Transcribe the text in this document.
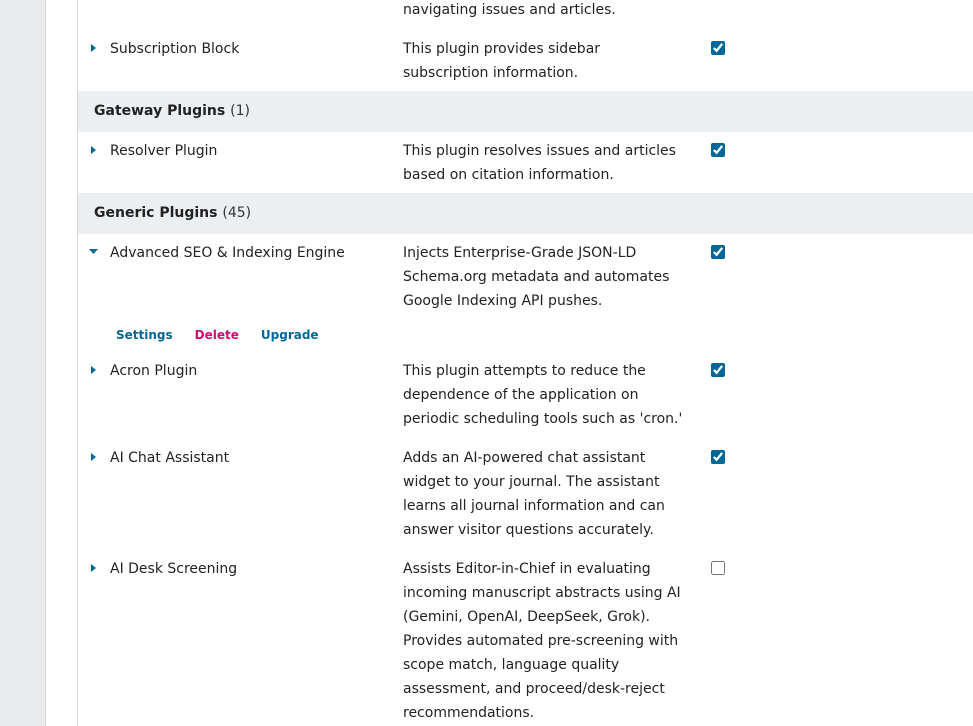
navigating issues and articles.
Subscription Block	This plugin provides sidebar subscription information.
Gateway Plugins (1)
Resolver Plugin	This plugin resolves issues and articles based on citation information.
Generic Plugins (45)
Advanced SEO & Indexing Engine	Injects Enterprise-Grade JSON-LD Schema.org metadata and automates Google Indexing API pushes.
Settings Delete Upgrade
Acron Plugin	This plugin attempts to reduce the dependence of the application on periodic scheduling tools such as 'cron.'
AI Chat Assistant	Adds an AI-powered chat assistant widget to your journal. The assistant learns all journal information and can answer visitor questions accurately.
AI Desk Screening	Assists Editor-in-Chief in evaluating incoming manuscript abstracts using AI (Gemini, OpenAI, DeepSeek, Grok). Provides automated pre-screening with scope match, language quality assessment, and proceed/desk-reject recommendations.
